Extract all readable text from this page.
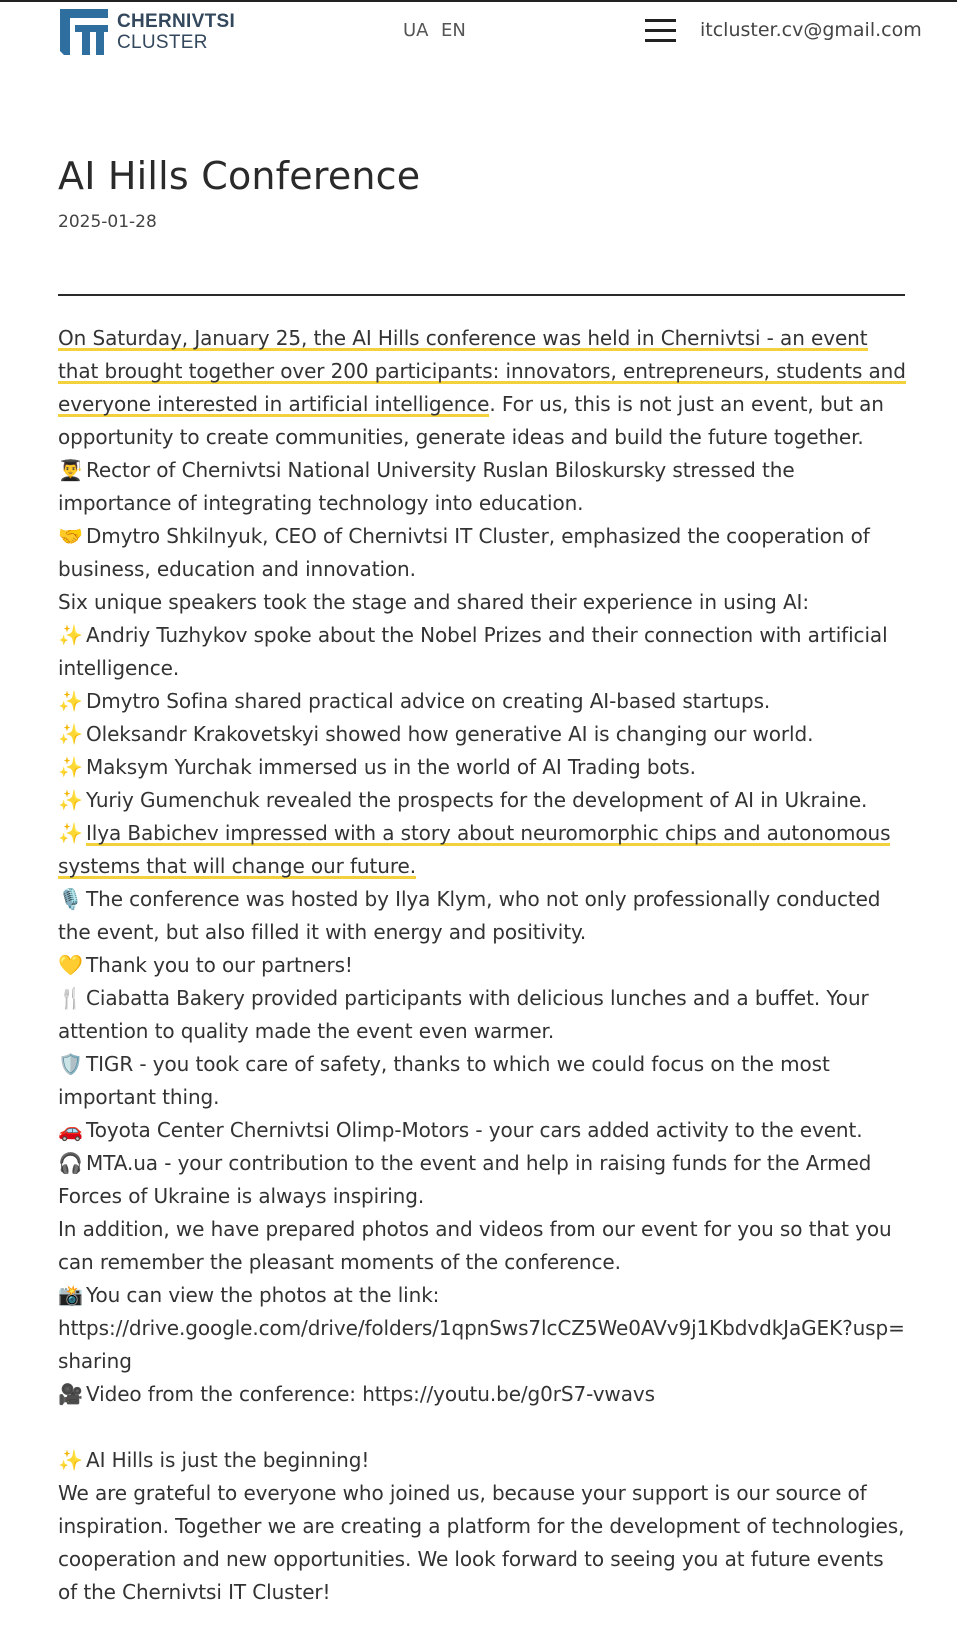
CHERNIVTSI
CLUSTER
UA EN	itcluster.cv@gmail.com
AI Hills Conference
2025-01-28

On Saturday, January 25, the AI Hills conference was held in Chernivtsi - an event that brought together over 200 participants: innovators, entrepreneurs, students and everyone interested in artificial intelligence. For us, this is not just an event, but an opportunity to create communities, generate ideas and build the future together.

👨‍🎓 Rector of Chernivtsi National University Ruslan Biloskursky stressed the importance of integrating technology into education.

🤝 Dmytro Shkilnyuk, CEO of Chernivtsi IT Cluster, emphasized the cooperation of business, education and innovation.

Six unique speakers took the stage and shared their experience in using AI:

✨ Andriy Tuzhykov spoke about the Nobel Prizes and their connection with artificial intelligence.

✨ Dmytro Sofina shared practical advice on creating AI-based startups.

✨ Oleksandr Krakovetskyi showed how generative AI is changing our world.

✨ Maksym Yurchak immersed us in the world of AI Trading bots.

✨ Yuriy Gumenchuk revealed the prospects for the development of AI in Ukraine.

✨ Ilya Babichev impressed with a story about neuromorphic chips and autonomous systems that will change our future.

🎙️ The conference was hosted by Ilya Klym, who not only professionally conducted the event, but also filled it with energy and positivity.

💛 Thank you to our partners!

🍴 Ciabatta Bakery provided participants with delicious lunches and a buffet. Your attention to quality made the event even warmer.

🛡️ TIGR - you took care of safety, thanks to which we could focus on the most important thing.

🚗 Toyota Center Chernivtsi Olimp-Motors - your cars added activity to the event.

🎧 MTA.ua - your contribution to the event and help in raising funds for the Armed Forces of Ukraine is always inspiring.

In addition, we have prepared photos and videos from our event for you so that you can remember the pleasant moments of the conference.

📸 You can view the photos at the link:

https://drive.google.com/drive/folders/1qpnSws7lcCZ5We0AVv9j1KbdvdkJaGEK?usp=sharing

🎥 Video from the conference: https://youtu.be/g0rS7-vwavs

✨ AI Hills is just the beginning!

We are grateful to everyone who joined us, because your support is our source of inspiration. Together we are creating a platform for the development of technologies, cooperation and new opportunities. We look forward to seeing you at future events of the Chernivtsi IT Cluster!
